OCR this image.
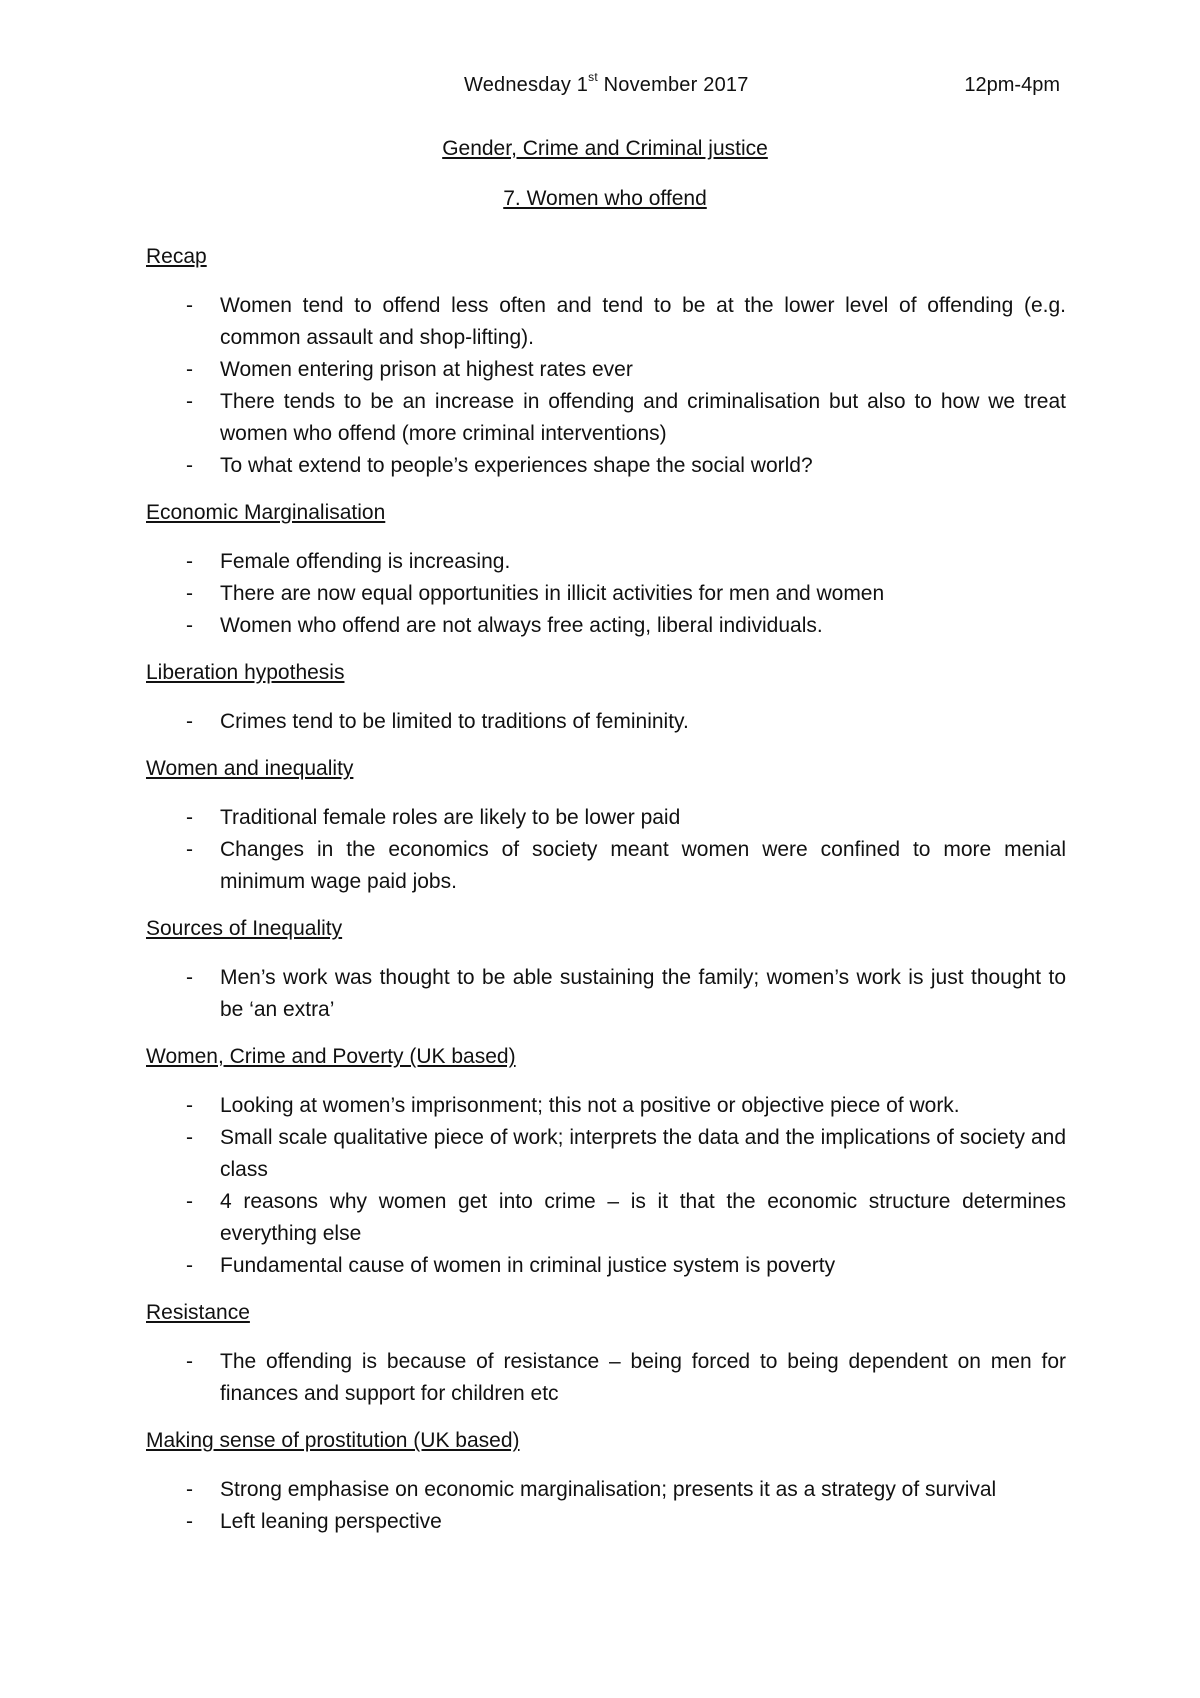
Wednesday 1st November 2017	12pm-4pm
Gender, Crime and Criminal justice
7. Women who offend
Recap
- Women tend to offend less often and tend to be at the lower level of offending (e.g. common assault and shop-lifting).
- Women entering prison at highest rates ever
- There tends to be an increase in offending and criminalisation but also to how we treat women who offend (more criminal interventions)
- To what extend to people’s experiences shape the social world?
Economic Marginalisation
- Female offending is increasing.
- There are now equal opportunities in illicit activities for men and women
- Women who offend are not always free acting, liberal individuals.
Liberation hypothesis
- Crimes tend to be limited to traditions of femininity.
Women and inequality
- Traditional female roles are likely to be lower paid
- Changes in the economics of society meant women were confined to more menial minimum wage paid jobs.
Sources of Inequality
- Men’s work was thought to be able sustaining the family; women’s work is just thought to be ‘an extra’
Women, Crime and Poverty (UK based)
- Looking at women’s imprisonment; this not a positive or objective piece of work.
- Small scale qualitative piece of work; interprets the data and the implications of society and class
- 4 reasons why women get into crime – is it that the economic structure determines everything else
- Fundamental cause of women in criminal justice system is poverty
Resistance
- The offending is because of resistance – being forced to being dependent on men for finances and support for children etc
Making sense of prostitution (UK based)
- Strong emphasise on economic marginalisation; presents it as a strategy of survival
- Left leaning perspective
